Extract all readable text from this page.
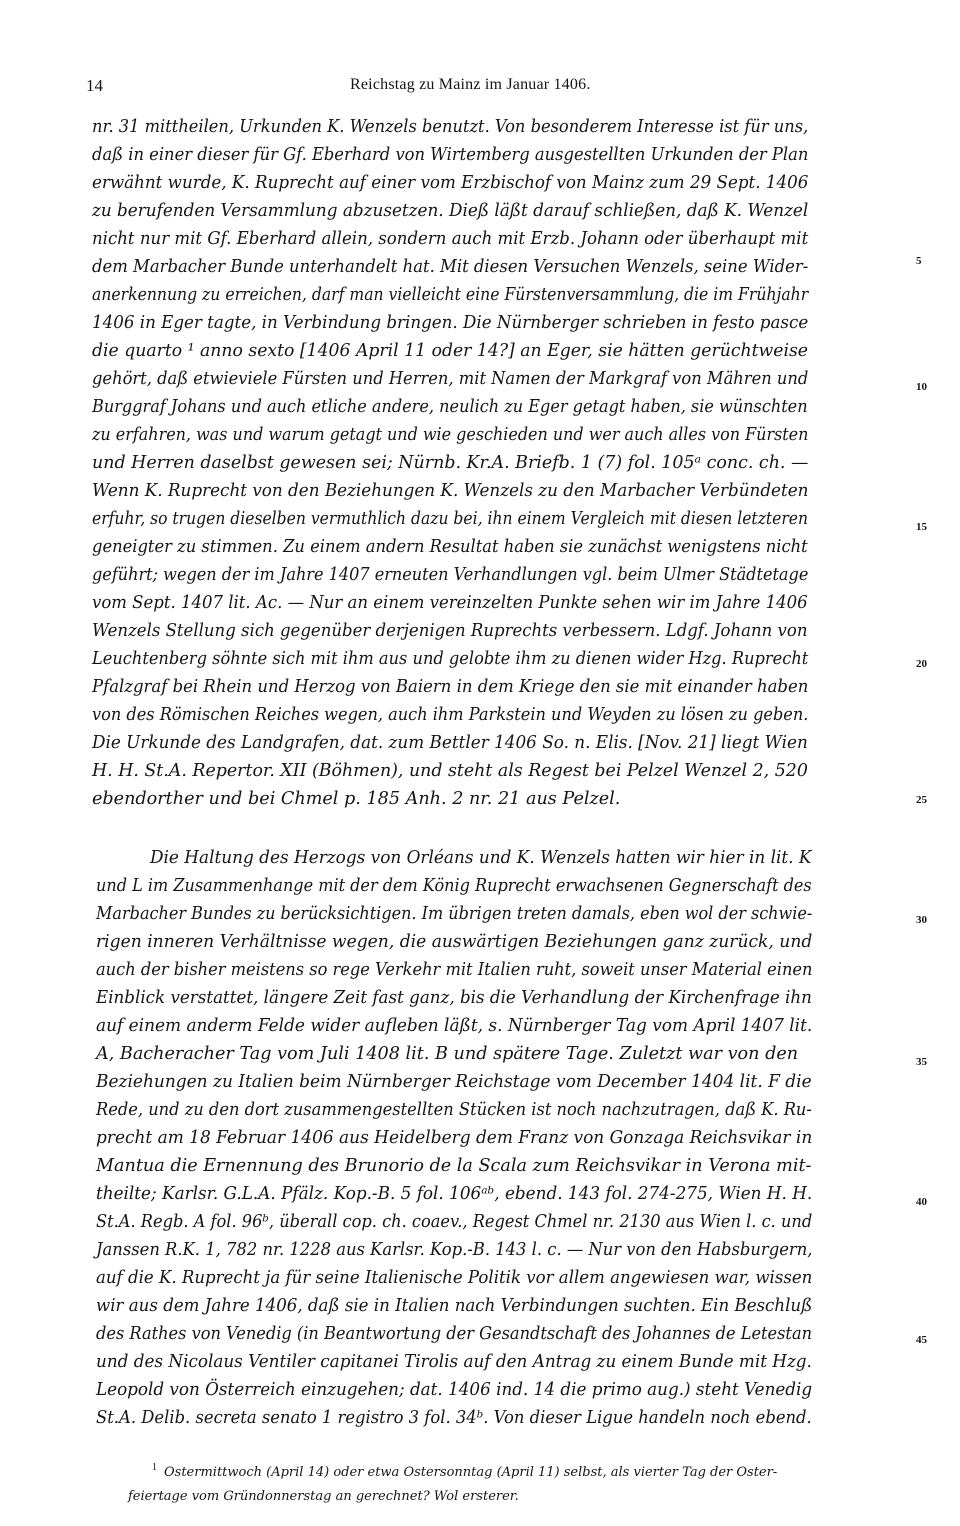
14	Reichstag zu Mainz im Januar 1406.
nr. 31 mittheilen, Urkunden K. Wenzels benutzt. Von besonderem Interesse ist für uns,
daß in einer dieser für Gf. Eberhard von Wirtemberg ausgestellten Urkunden der Plan
erwähnt wurde, K. Ruprecht auf einer vom Erzbischof von Mainz zum 29 Sept. 1406
zu berufenden Versammlung abzusetzen. Dieß läßt darauf schließen, daß K. Wenzel
nicht nur mit Gf. Eberhard allein, sondern auch mit Erzb. Johann oder überhaupt mit
dem Marbacher Bunde unterhandelt hat. Mit diesen Versuchen Wenzels, seine Wider-
anerkennung zu erreichen, darf man vielleicht eine Fürstenversammlung, die im Frühjahr
1406 in Eger tagte, in Verbindung bringen. Die Nürnberger schrieben in festo pasce
die quarto ¹ anno sexto [1406 April 11 oder 14?] an Eger, sie hätten gerüchtweise
gehört, daß etwieviele Fürsten und Herren, mit Namen der Markgraf von Mähren und
Burggraf Johans und auch etliche andere, neulich zu Eger getagt haben, sie wünschten
zu erfahren, was und warum getagt und wie geschieden und wer auch alles von Fürsten
und Herren daselbst gewesen sei; Nürnb. Kr.A. Briefb. 1 (7) fol. 105ᵃ conc. ch. —
Wenn K. Ruprecht von den Beziehungen K. Wenzels zu den Marbacher Verbündeten
erfuhr, so trugen dieselben vermuthlich dazu bei, ihn einem Vergleich mit diesen letzteren
geneigter zu stimmen. Zu einem andern Resultat haben sie zunächst wenigstens nicht
geführt; wegen der im Jahre 1407 erneuten Verhandlungen vgl. beim Ulmer Städtetage
vom Sept. 1407 lit. Ac. — Nur an einem vereinzelten Punkte sehen wir im Jahre 1406
Wenzels Stellung sich gegenüber derjenigen Ruprechts verbessern. Ldgf. Johann von
Leuchtenberg söhnte sich mit ihm aus und gelobte ihm zu dienen wider Hzg. Ruprecht
Pfalzgraf bei Rhein und Herzog von Baiern in dem Kriege den sie mit einander haben
von des Römischen Reiches wegen, auch ihm Parkstein und Weyden zu lösen zu geben.
Die Urkunde des Landgrafen, dat. zum Bettler 1406 So. n. Elis. [Nov. 21] liegt Wien
H. H. St.A. Repertor. XII (Böhmen), und steht als Regest bei Pelzel Wenzel 2, 520
ebendorther und bei Chmel p. 185 Anh. 2 nr. 21 aus Pelzel.
Die Haltung des Herzogs von Orléans und K. Wenzels hatten wir hier in lit. K
und L im Zusammenhange mit der dem König Ruprecht erwachsenen Gegnerschaft des
Marbacher Bundes zu berücksichtigen. Im übrigen treten damals, eben wol der schwie-
rigen inneren Verhältnisse wegen, die auswärtigen Beziehungen ganz zurück, und
auch der bisher meistens so rege Verkehr mit Italien ruht, soweit unser Material einen
Einblick verstattet, längere Zeit fast ganz, bis die Verhandlung der Kirchenfrage ihn
auf einem anderm Felde wider aufleben läßt, s. Nürnberger Tag vom April 1407 lit.
A, Bacheracher Tag vom Juli 1408 lit. B und spätere Tage. Zuletzt war von den
Beziehungen zu Italien beim Nürnberger Reichstage vom December 1404 lit. F die
Rede, und zu den dort zusammengestellten Stücken ist noch nachzutragen, daß K. Ru-
precht am 18 Februar 1406 aus Heidelberg dem Franz von Gonzaga Reichsvikar in
Mantua die Ernennung des Brunorio de la Scala zum Reichsvikar in Verona mit-
theilte; Karlsr. G.L.A. Pfälz. Kop.-B. 5 fol. 106ᵃᵇ, ebend. 143 fol. 274-275, Wien H. H.
St.A. Regb. A fol. 96ᵇ, überall cop. ch. coaev., Regest Chmel nr. 2130 aus Wien l. c. und
Janssen R.K. 1, 782 nr. 1228 aus Karlsr. Kop.-B. 143 l. c. — Nur von den Habsburgern,
auf die K. Ruprecht ja für seine Italienische Politik vor allem angewiesen war, wissen
wir aus dem Jahre 1406, daß sie in Italien nach Verbindungen suchten. Ein Beschluß
des Rathes von Venedig (in Beantwortung der Gesandtschaft des Johannes de Letestan
und des Nicolaus Ventiler capitanei Tirolis auf den Antrag zu einem Bunde mit Hzg.
Leopold von Österreich einzugehen; dat. 1406 ind. 14 die primo aug.) steht Venedig
St.A. Delib. secreta senato 1 registro 3 fol. 34ᵇ. Von dieser Ligue handeln noch ebend.
5
10
15
20
25
30
35
40
45
1 Ostermittwoch (April 14) oder etwa Ostersonntag (April 11) selbst, als vierter Tag der Oster-
feiertage vom Gründonnerstag an gerechnet? Wol ersterer.
